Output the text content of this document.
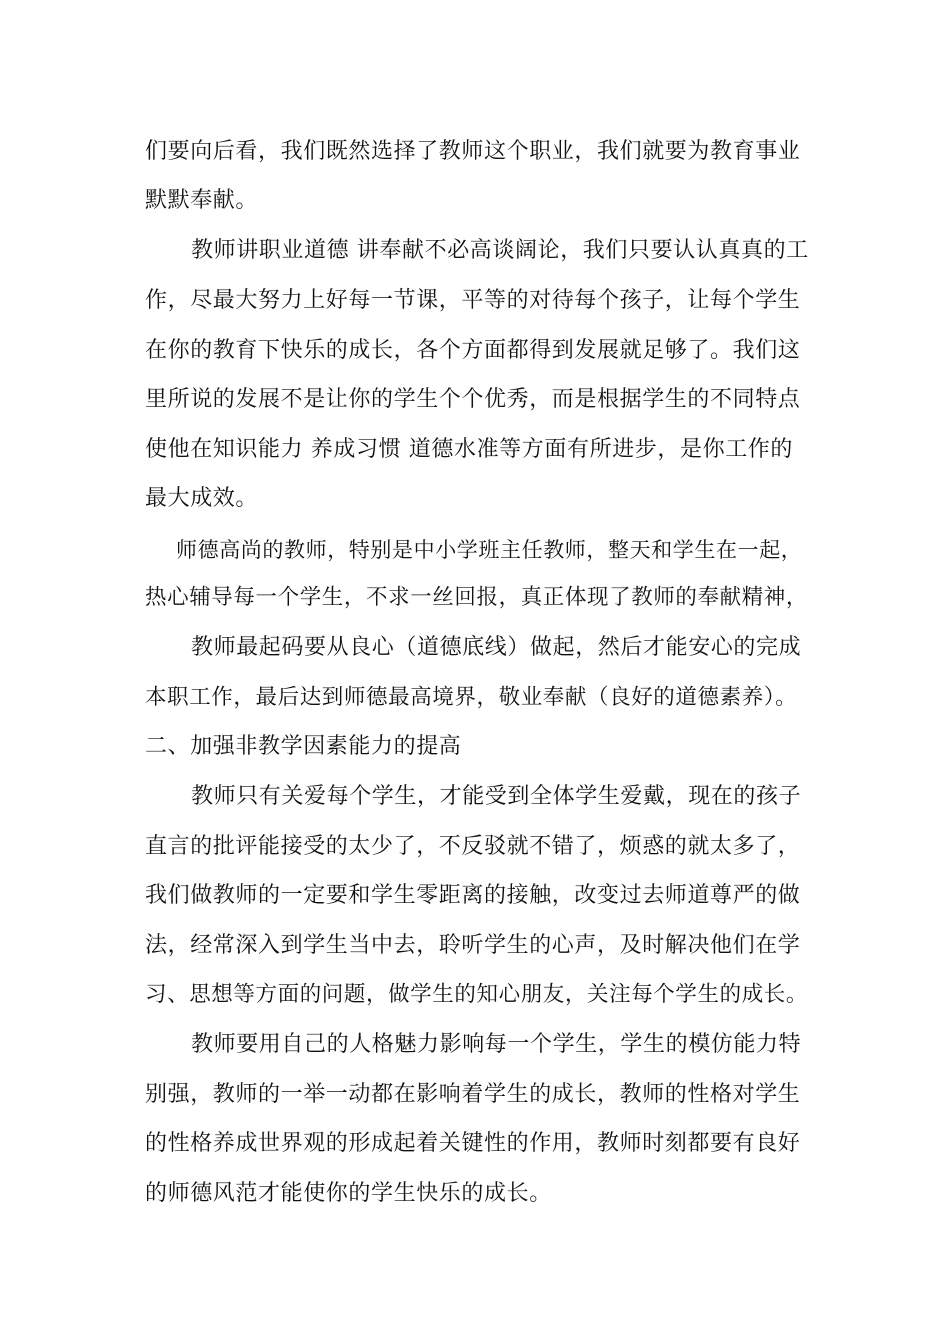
们要向后看，我们既然选择了教师这个职业，我们就要为教育事业
默默奉献。
教师讲职业道德 讲奉献不必高谈阔论，我们只要认认真真的工
作，尽最大努力上好每一节课，平等的对待每个孩子，让每个学生
在你的教育下快乐的成长，各个方面都得到发展就足够了。我们这
里所说的发展不是让你的学生个个优秀，而是根据学生的不同特点
使他在知识能力 养成习惯 道德水准等方面有所进步，是你工作的
最大成效。
师德高尚的教师，特别是中小学班主任教师，整天和学生在一起，
热心辅导每一个学生，不求一丝回报，真正体现了教师的奉献精神，
教师最起码要从良心（道德底线）做起，然后才能安心的完成
本职工作，最后达到师德最高境界，敬业奉献（良好的道德素养）。
二、加强非教学因素能力的提高
教师只有关爱每个学生，才能受到全体学生爱戴，现在的孩子
直言的批评能接受的太少了，不反驳就不错了，烦惑的就太多了，
我们做教师的一定要和学生零距离的接触，改变过去师道尊严的做
法，经常深入到学生当中去，聆听学生的心声，及时解决他们在学
习、思想等方面的问题，做学生的知心朋友，关注每个学生的成长。
教师要用自己的人格魅力影响每一个学生，学生的模仿能力特
别强，教师的一举一动都在影响着学生的成长，教师的性格对学生
的性格养成世界观的形成起着关键性的作用，教师时刻都要有良好
的师德风范才能使你的学生快乐的成长。
